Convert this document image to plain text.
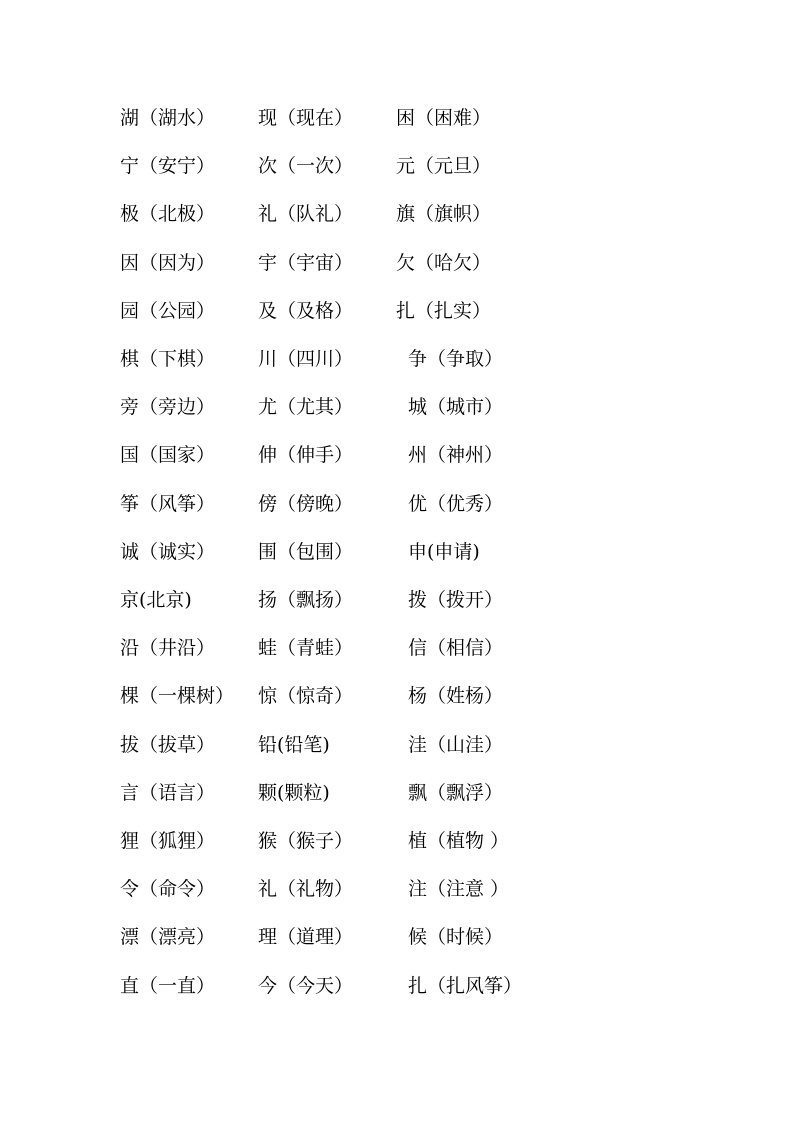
湖（湖水） 现（现在） 困（困难）
宁（安宁） 次（一次） 元（元旦）
极（北极） 礼（队礼） 旗（旗帜）
因（因为） 宇（宇宙） 欠（哈欠）
园（公园） 及（及格） 扎（扎实）
棋（下棋） 川（四川）	争（争取）
旁（旁边） 尤（尤其）	城（城市）
国（国家） 伸（伸手）	州（神州）
筝（风筝） 傍（傍晚）	优（优秀）
诚（诚实） 围（包围）	申(申请)
京(北京)	扬（飘扬）	拨（拨开）
沿（井沿） 蛙（青蛙）	信（相信）
棵（一棵树） 惊（惊奇）	杨（姓杨）
拔（拔草） 铅(铅笔)	洼（山洼）
言（语言） 颗(颗粒)	飘（飘浮）
狸（狐狸） 猴（猴子）	植（植物 ）
令（命令） 礼（礼物）	注（注意 ）
漂（漂亮） 理（道理）	候（时候）
直（一直） 今（今天）	扎（扎风筝）
